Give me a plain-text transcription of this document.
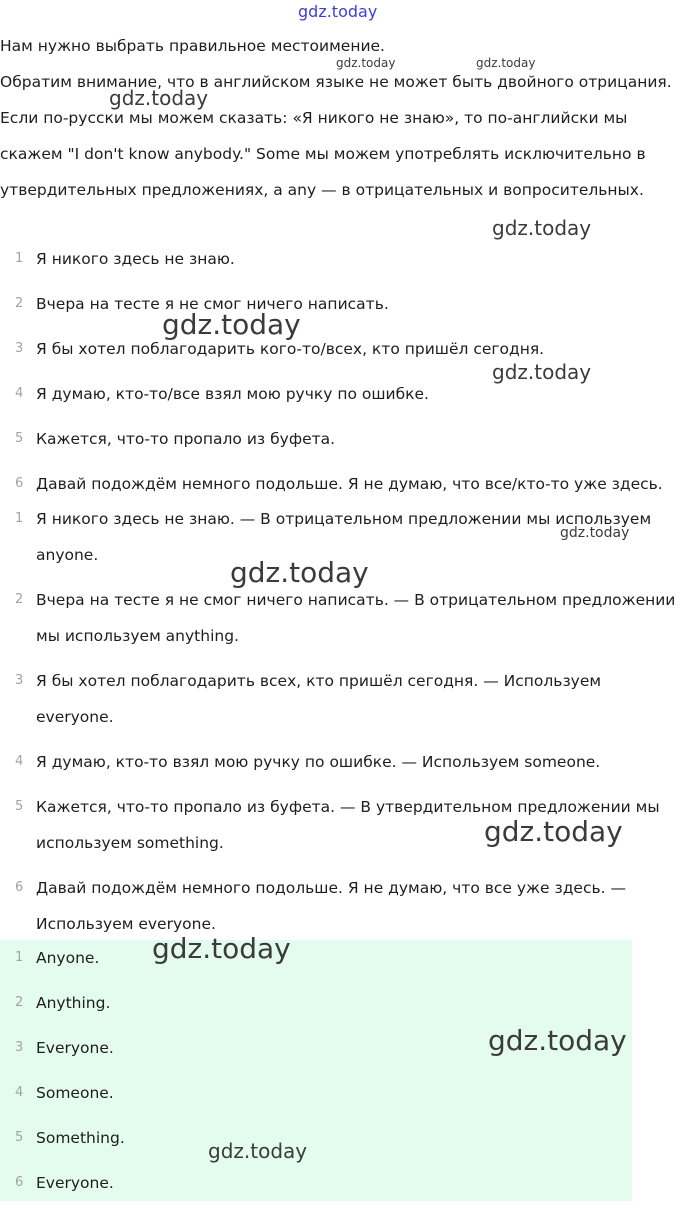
gdz.today

Нам нужно выбрать правильное местоимение.

Обратим внимание, что в английском языке не может быть двойного отрицания. Если по-русски мы можем сказать: «Я никого не знаю», то по-английски мы скажем "I don't know anybody." Some мы можем употреблять исключительно в утвердительных предложениях, а any — в отрицательных и вопросительных.

1 Я никого здесь не знаю.
2 Вчера на тесте я не смог ничего написать.
3 Я бы хотел поблагодарить кого-то/всех, кто пришёл сегодня.
4 Я думаю, кто-то/все взял мою ручку по ошибке.
5 Кажется, что-то пропало из буфета.
6 Давай подождём немного подольше. Я не думаю, что все/кто-то уже здесь.
1 Я никого здесь не знаю. — В отрицательном предложении мы используем anyone.
2 Вчера на тесте я не смог ничего написать. — В отрицательном предложении мы используем anything.
3 Я бы хотел поблагодарить всех, кто пришёл сегодня. — Используем everyone.
4 Я думаю, кто-то взял мою ручку по ошибке. — Используем someone.
5 Кажется, что-то пропало из буфета. — В утвердительном предложении мы используем something.
6 Давай подождём немного подольше. Я не думаю, что все уже здесь. — Используем everyone.
1 Anyone.
2 Anything.
3 Everyone.
4 Someone.
5 Something.
6 Everyone.
gdz.today	gdz.today
gdz.today
gdz.today
gdz.today
gdz.today
gdz.today
gdz.today
gdz.today
gdz.today
gdz.today
gdz.today
